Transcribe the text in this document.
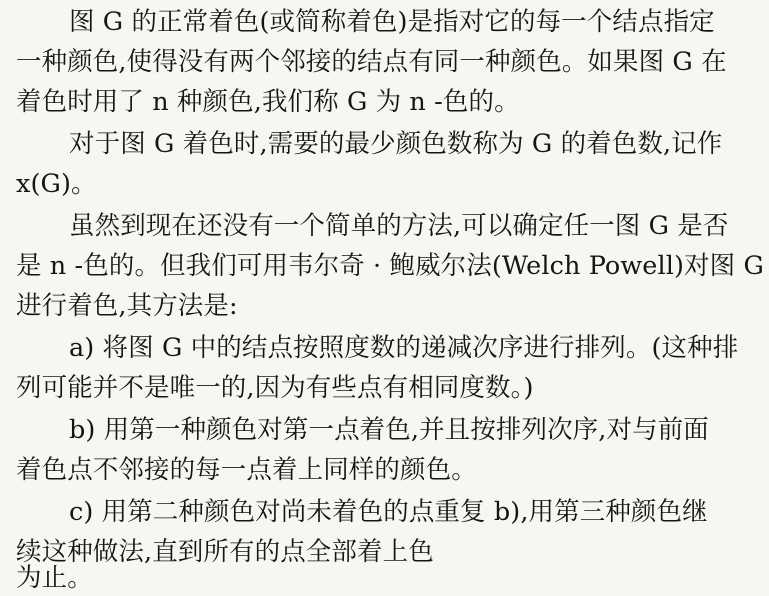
图 G 的正常着色(或简称着色)是指对它的每一个结点指定
一种颜色,使得没有两个邻接的结点有同一种颜色。如果图 G 在
着色时用了 n 种颜色,我们称 G 为 n -色的。
对于图 G 着色时,需要的最少颜色数称为 G 的着色数,记作
x(G)。
虽然到现在还没有一个简单的方法,可以确定任一图 G 是否
是 n -色的。但我们可用韦尔奇 · 鲍威尔法(Welch Powell)对图 G
进行着色,其方法是:
a) 将图 G 中的结点按照度数的递减次序进行排列。(这种排
列可能并不是唯一的,因为有些点有相同度数。)
b) 用第一种颜色对第一点着色,并且按排列次序,对与前面
着色点不邻接的每一点着上同样的颜色。
c) 用第二种颜色对尚未着色的点重复 b),用第三种颜色继
续这种做法,直到所有的点全部着上色
为止。
